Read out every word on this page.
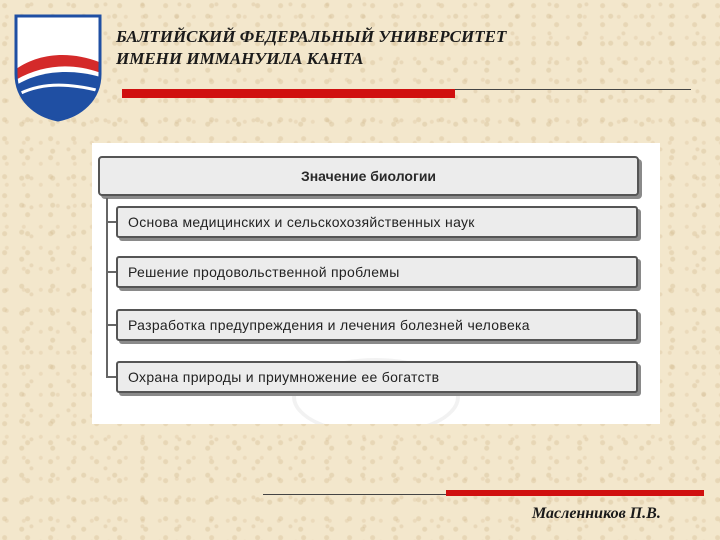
БАЛТИЙСКИЙ ФЕДЕРАЛЬНЫЙ УНИВЕРСИТЕТ
ИМЕНИ ИММАНУИЛА КАНТА
Значение биологии
Основа медицинских и сельскохозяйственных наук
Решение продовольственной проблемы
Разработка предупреждения и лечения болезней человека
Охрана природы и приумножение ее богатств

Масленников П.В.
